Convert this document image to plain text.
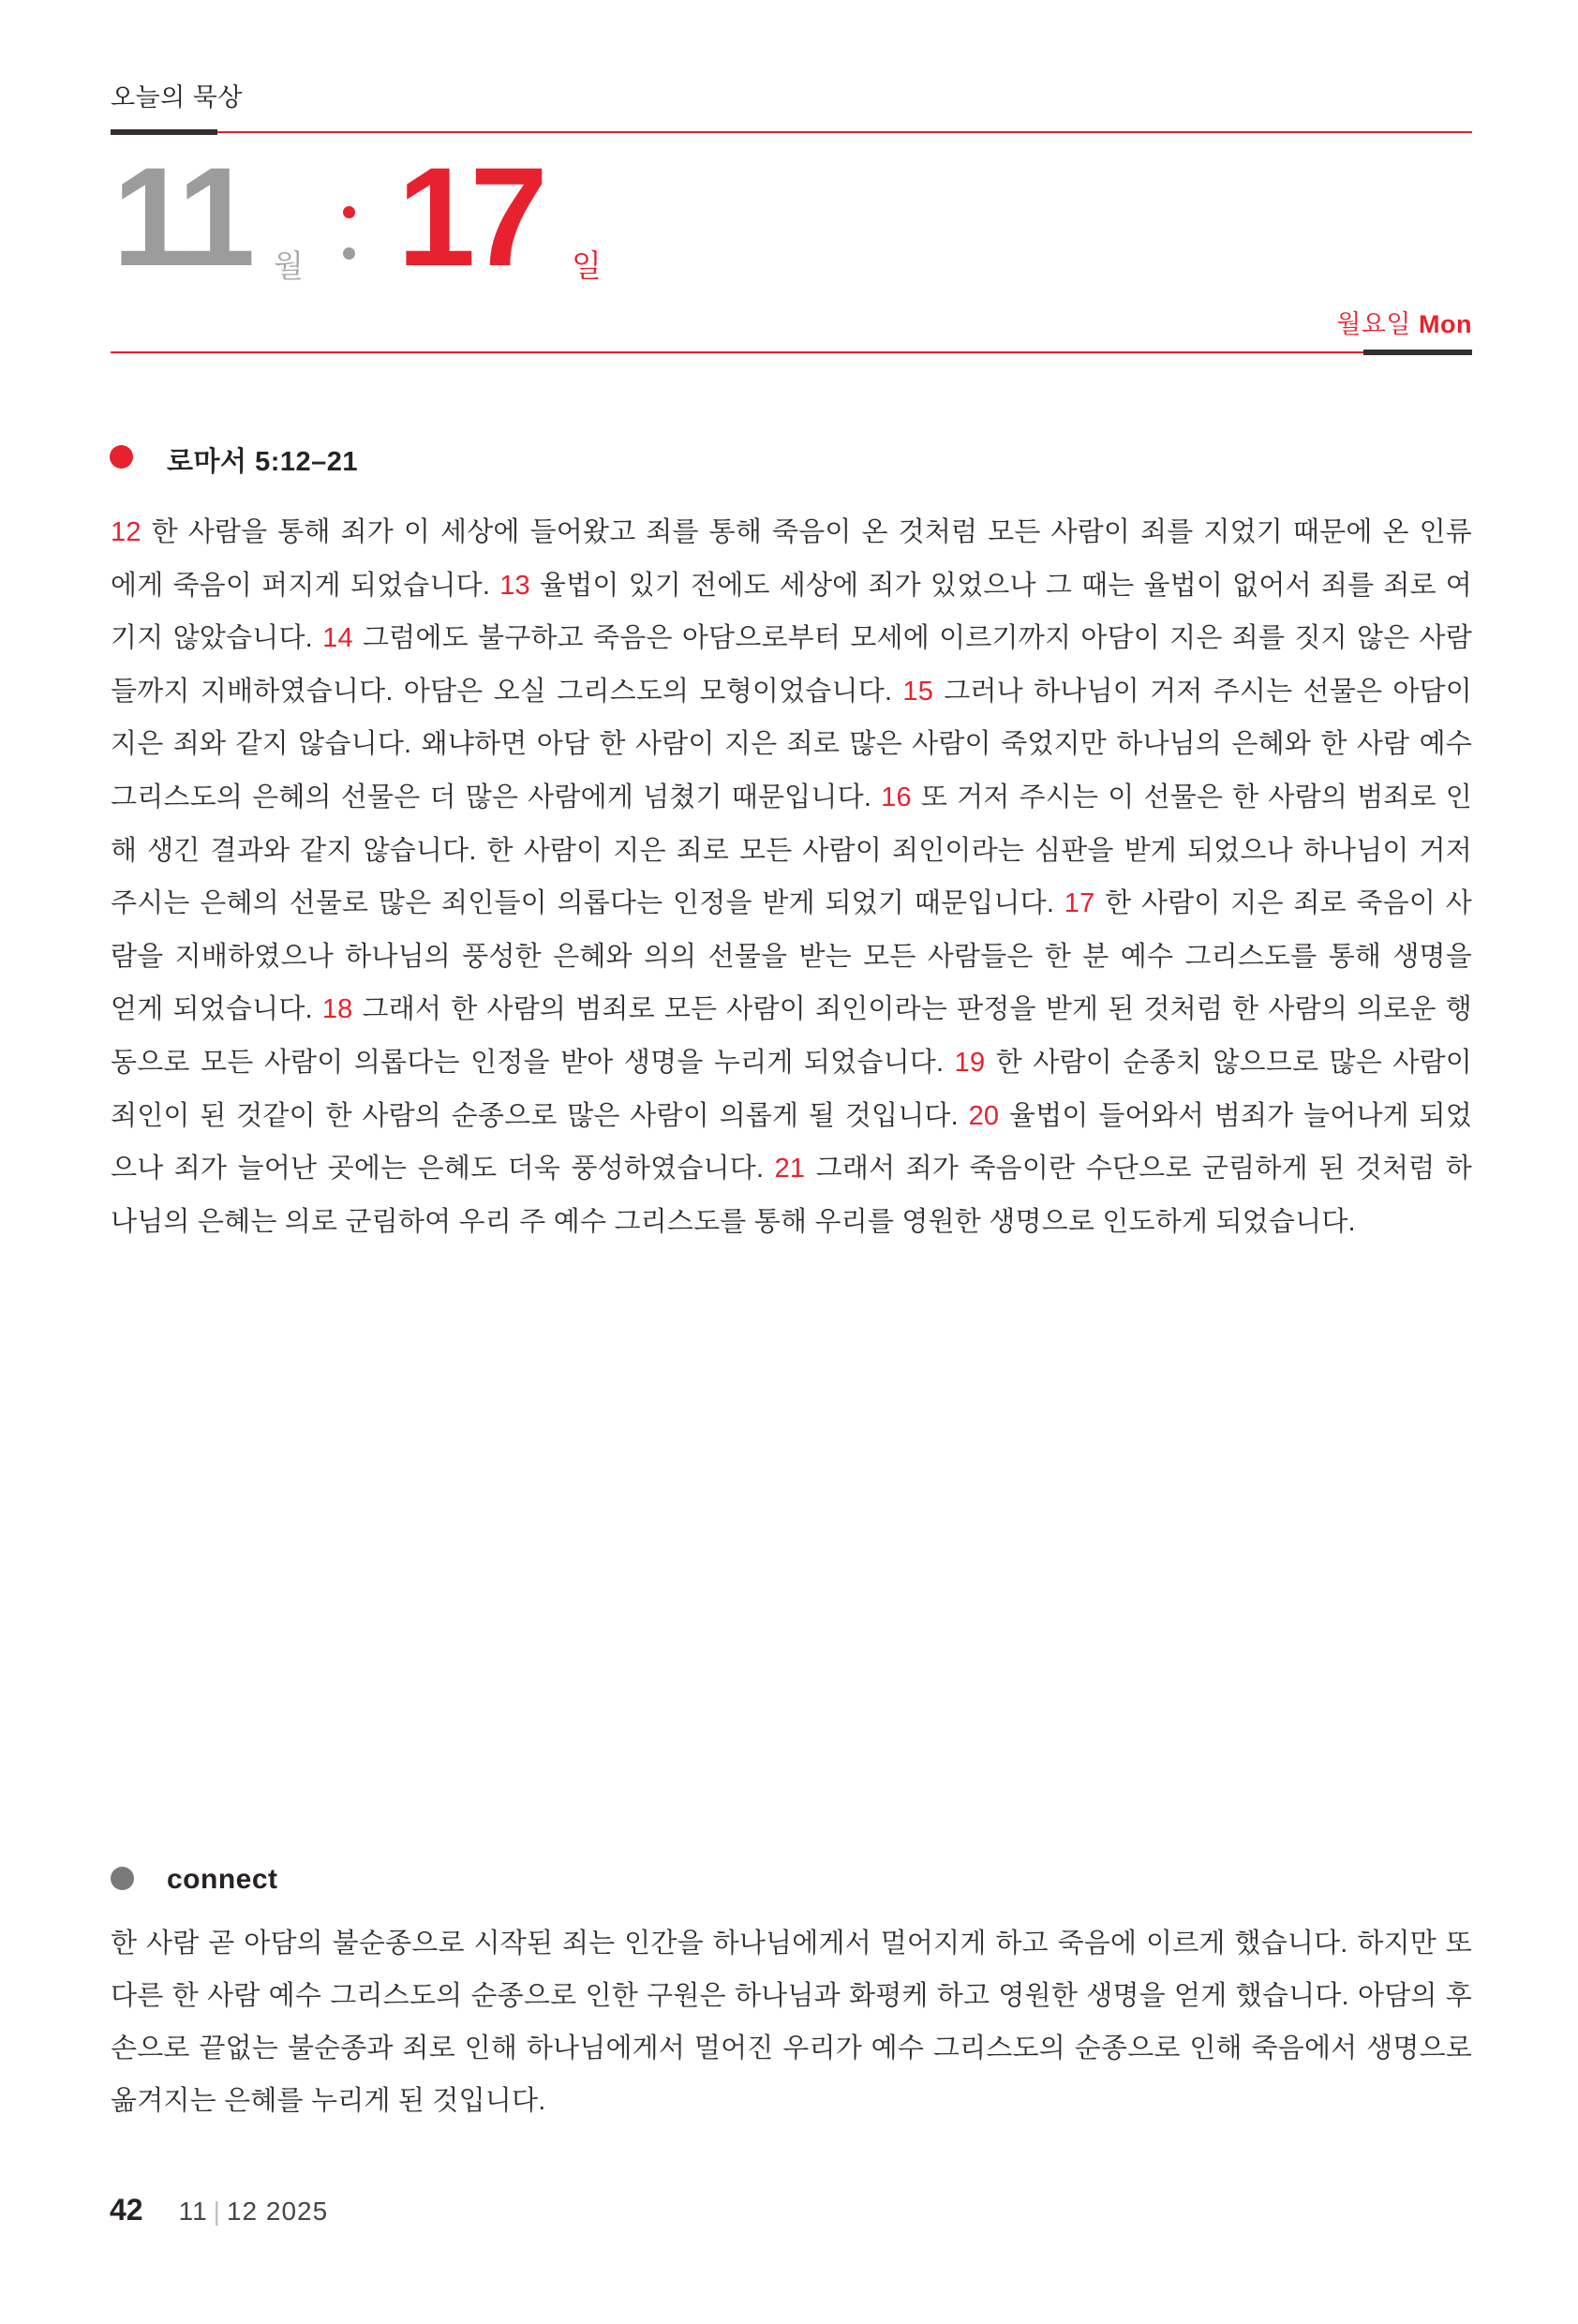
오늘의 묵상
11 월 17 일
월요일 Mon
로마서 5:12–21
12 한 사람을 통해 죄가 이 세상에 들어왔고 죄를 통해 죽음이 온 것처럼 모든 사람이 죄를 지었기 때문에 온 인류
에게 죽음이 퍼지게 되었습니다. 13 율법이 있기 전에도 세상에 죄가 있었으나 그 때는 율법이 없어서 죄를 죄로 여
기지 않았습니다. 14 그럼에도 불구하고 죽음은 아담으로부터 모세에 이르기까지 아담이 지은 죄를 짓지 않은 사람
들까지 지배하였습니다. 아담은 오실 그리스도의 모형이었습니다. 15 그러나 하나님이 거저 주시는 선물은 아담이
지은 죄와 같지 않습니다. 왜냐하면 아담 한 사람이 지은 죄로 많은 사람이 죽었지만 하나님의 은혜와 한 사람 예수
그리스도의 은혜의 선물은 더 많은 사람에게 넘쳤기 때문입니다. 16 또 거저 주시는 이 선물은 한 사람의 범죄로 인
해 생긴 결과와 같지 않습니다. 한 사람이 지은 죄로 모든 사람이 죄인이라는 심판을 받게 되었으나 하나님이 거저
주시는 은혜의 선물로 많은 죄인들이 의롭다는 인정을 받게 되었기 때문입니다. 17 한 사람이 지은 죄로 죽음이 사
람을 지배하였으나 하나님의 풍성한 은혜와 의의 선물을 받는 모든 사람들은 한 분 예수 그리스도를 통해 생명을
얻게 되었습니다. 18 그래서 한 사람의 범죄로 모든 사람이 죄인이라는 판정을 받게 된 것처럼 한 사람의 의로운 행
동으로 모든 사람이 의롭다는 인정을 받아 생명을 누리게 되었습니다. 19 한 사람이 순종치 않으므로 많은 사람이
죄인이 된 것같이 한 사람의 순종으로 많은 사람이 의롭게 될 것입니다. 20 율법이 들어와서 범죄가 늘어나게 되었
으나 죄가 늘어난 곳에는 은혜도 더욱 풍성하였습니다. 21 그래서 죄가 죽음이란 수단으로 군림하게 된 것처럼 하
나님의 은혜는 의로 군림하여 우리 주 예수 그리스도를 통해 우리를 영원한 생명으로 인도하게 되었습니다.
connect
한 사람 곧 아담의 불순종으로 시작된 죄는 인간을 하나님에게서 멀어지게 하고 죽음에 이르게 했습니다. 하지만 또
다른 한 사람 예수 그리스도의 순종으로 인한 구원은 하나님과 화평케 하고 영원한 생명을 얻게 했습니다. 아담의 후
손으로 끝없는 불순종과 죄로 인해 하나님에게서 멀어진 우리가 예수 그리스도의 순종으로 인해 죽음에서 생명으로
옮겨지는 은혜를 누리게 된 것입니다.
42 11 | 12 2025
